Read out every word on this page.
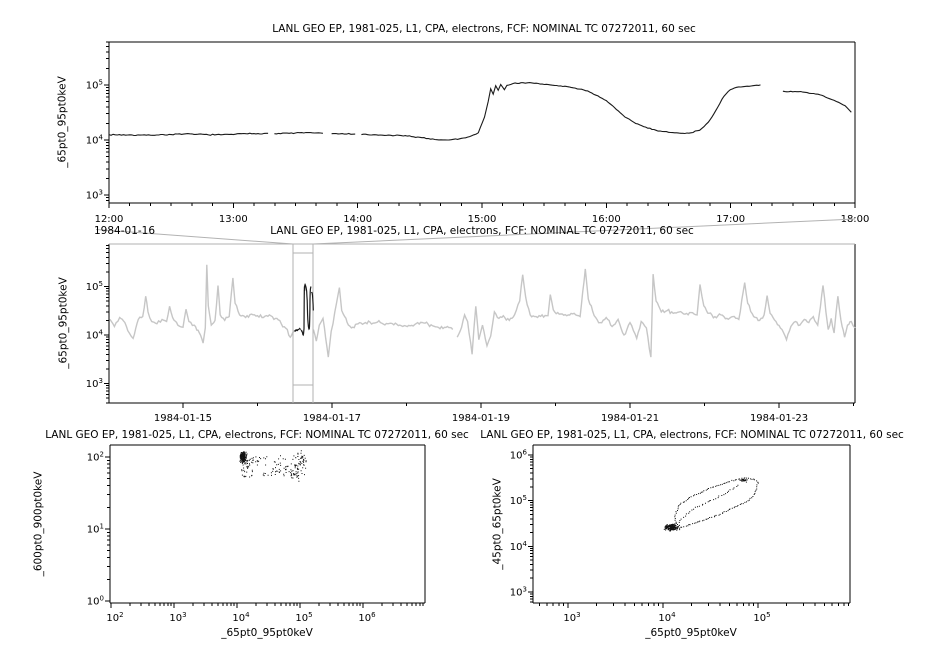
12:00	13:00	14:00	15:00	16:00	17:00	18:00
$10^3$
$10^4$
$10^5$
1984-01-15	1984-01-17	1984-01-19	1984-01-21	1984-01-23
$10^3$
$10^4$
$10^5$
$10^2$	$10^3$	$10^4$	$10^5$	$10^6$
$10^0$
$10^1$
$10^2$
$10^3$	$10^4$	$10^5$
$10^3$
$10^4$
$10^5$
$10^6$
LANL GEO EP, 1981-025, L1, CPA, electrons, FCF: NOMINAL TC 07272011, 60 sec
LANL GEO EP, 1981-025, L1, CPA, electrons, FCF: NOMINAL TC 07272011, 60 sec
LANL GEO EP, 1981-025, L1, CPA, electrons, FCF: NOMINAL TC 07272011, 60 sec LANL GEO EP, 1981-025, L1, CPA, electrons, FCF: NOMINAL TC 07272011, 60 sec
1984-01-16
_65pt0_95pt0keV
_65pt0_95pt0keV
_600pt0_900pt0keV	_45pt0_65pt0keV
_65pt0_95pt0keV	_65pt0_95pt0keV
